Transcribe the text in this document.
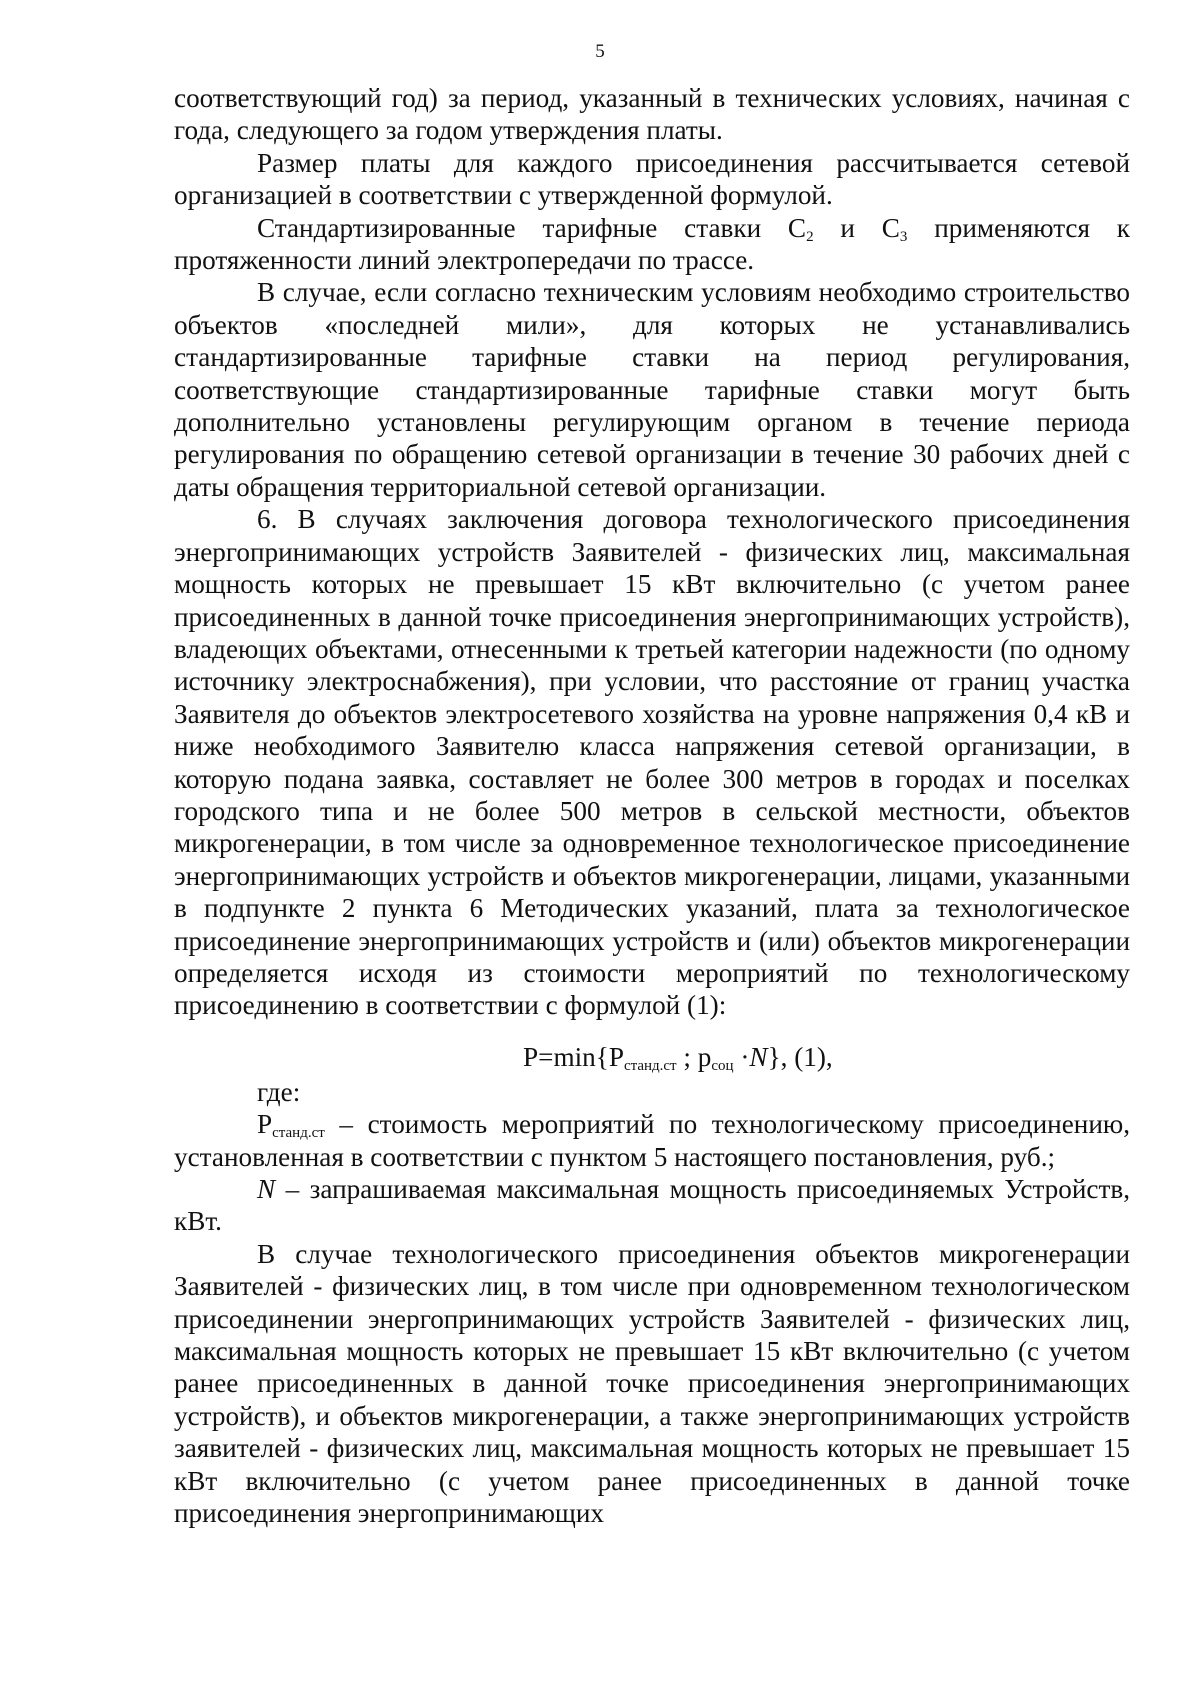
5

соответствующий год) за период, указанный в технических условиях, начиная с года, следующего за годом утверждения платы.

Размер платы для каждого присоединения рассчитывается сетевой организацией в соответствии с утвержденной формулой.

Стандартизированные тарифные ставки $С_2$ и $С_3$ применяются к протяженности линий электропередачи по трассе.

В случае, если согласно техническим условиям необходимо строительство объектов «последней мили», для которых не устанавливались стандартизированные тарифные ставки на период регулирования, соответствующие стандартизированные тарифные ставки могут быть дополнительно установлены регулирующим органом в течение периода регулирования по обращению сетевой организации в течение 30 рабочих дней с даты обращения территориальной сетевой организации.

6. В случаях заключения договора технологического присоединения энергопринимающих устройств Заявителей - физических лиц, максимальная мощность которых не превышает 15 кВт включительно (с учетом ранее присоединенных в данной точке присоединения энергопринимающих устройств), владеющих объектами, отнесенными к третьей категории надежности (по одному источнику электроснабжения), при условии, что расстояние от границ участка Заявителя до объектов электросетевого хозяйства на уровне напряжения 0,4 кВ и ниже необходимого Заявителю класса напряжения сетевой организации, в которую подана заявка, составляет не более 300 метров в городах и поселках городского типа и не более 500 метров в сельской местности, объектов микрогенерации, в том числе за одновременное технологическое присоединение энергопринимающих устройств и объектов микрогенерации, лицами, указанными в подпункте 2 пункта 6 Методических указаний, плата за технологическое присоединение энергопринимающих устройств и (или) объектов микрогенерации определяется исходя из стоимости мероприятий по технологическому присоединению в соответствии с формулой (1):

$P=\min\{P_{станд.ст}$ ; $p_{соц} \cdot N$}, (1),

где:

$P_{станд.ст}$ – стоимость мероприятий по технологическому присоединению, установленная в соответствии с пунктом 5 настоящего постановления, руб.;

N – запрашиваемая максимальная мощность присоединяемых Устройств, кВт.

В случае технологического присоединения объектов микрогенерации Заявителей - физических лиц, в том числе при одновременном технологическом присоединении энергопринимающих устройств Заявителей - физических лиц, максимальная мощность которых не превышает 15 кВт включительно (с учетом ранее присоединенных в данной точке присоединения энергопринимающих устройств), и объектов микрогенерации, а также энергопринимающих устройств заявителей - физических лиц, максимальная мощность которых не превышает 15 кВт включительно (с учетом ранее присоединенных в данной точке присоединения энергопринимающих
